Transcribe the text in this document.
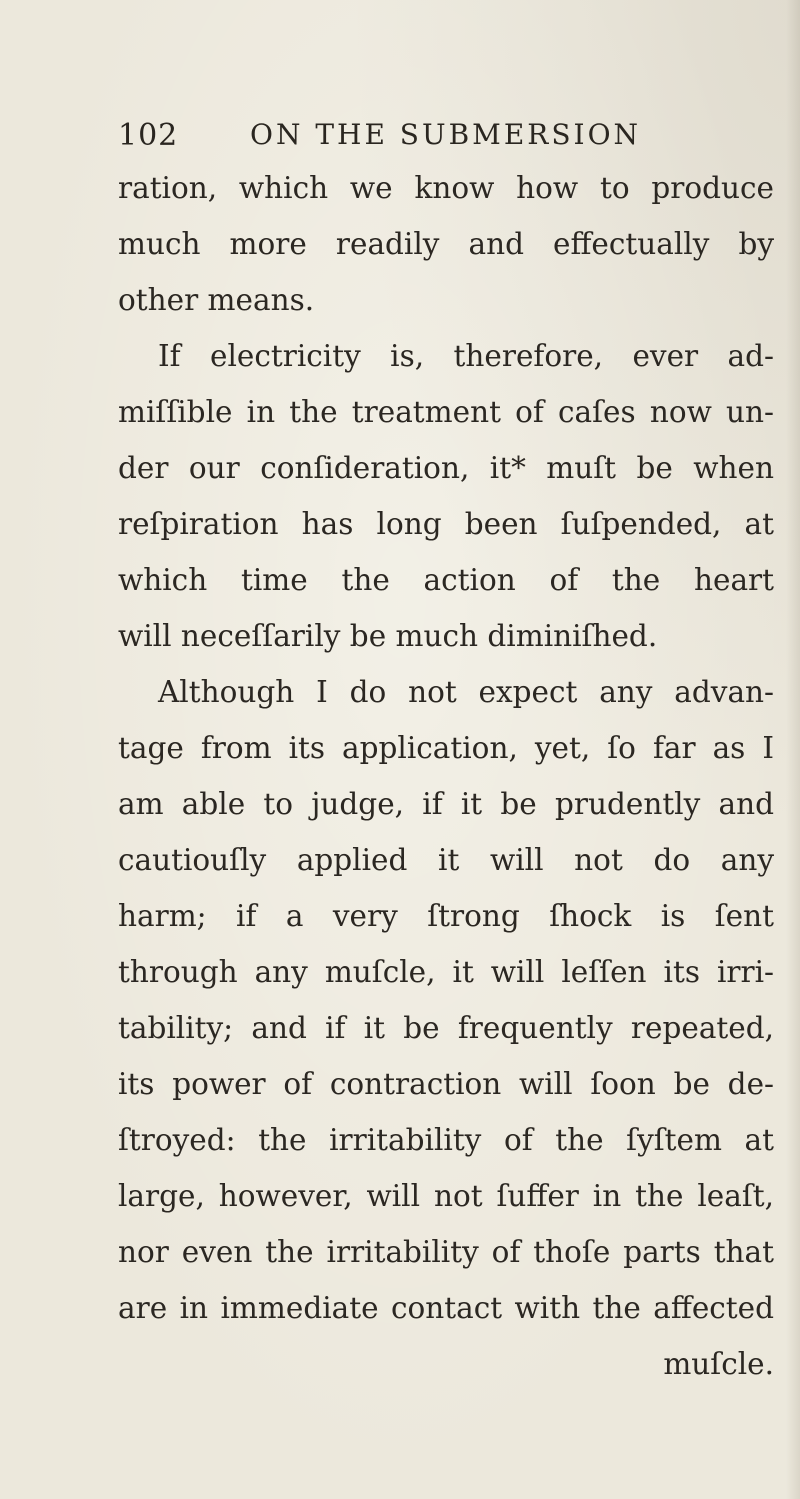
102	ON THE SUBMERSION
ration, which we know how to produce
much more readily and effectually by
other means.
If electricity is, therefore, ever ad-
miſſible in the treatment of caſes now un-
der our conſideration, it* muſt be when
reſpiration has long been ſuſpended, at
which time the action of the heart
will neceſſarily be much diminiſhed.
Although I do not expect any advan-
tage from its application, yet, ſo far as I
am able to judge, if it be prudently and
cautiouſly applied it will not do any
harm; if a very ſtrong ſhock is ſent
through any muſcle, it will leſſen its irri-
tability; and if it be frequently repeated,
its power of contraction will ſoon be de-
ſtroyed: the irritability of the ſyſtem at
large, however, will not ſuffer in the leaſt,
nor even the irritability of thoſe parts that
are in immediate contact with the affected
muſcle.
